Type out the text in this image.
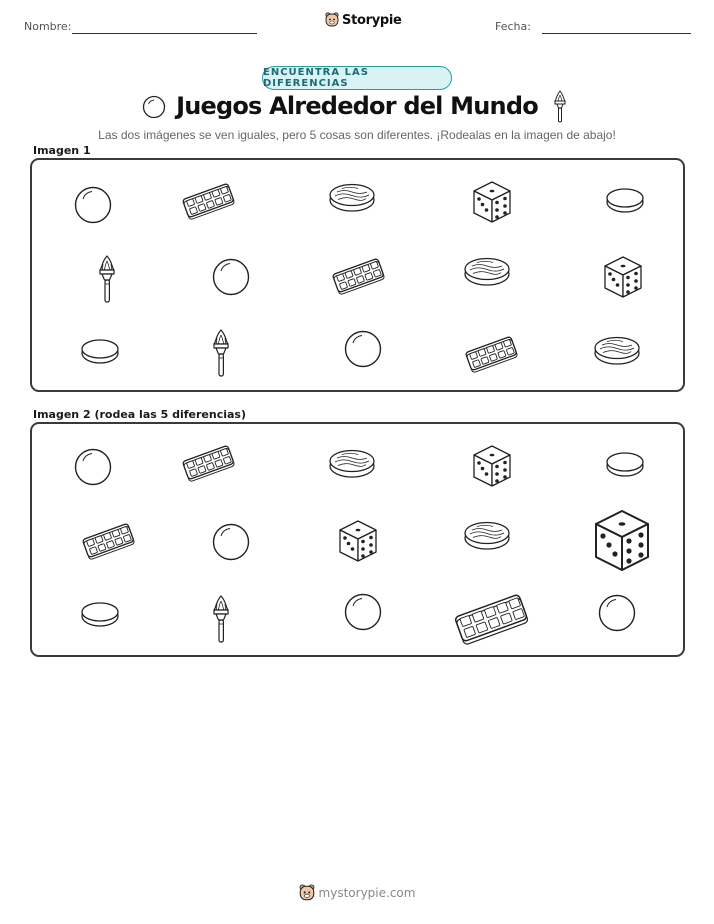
Nombre:	Storypie	Fecha:
ENCUENTRA LAS DIFERENCIAS
Juegos Alrededor del Mundo
Las dos imágenes se ven iguales, pero 5 cosas son diferentes. ¡Rodealas en la imagen de abajo!
Imagen 1
Imagen 2 (rodea las 5 diferencias)
mystorypie.com
